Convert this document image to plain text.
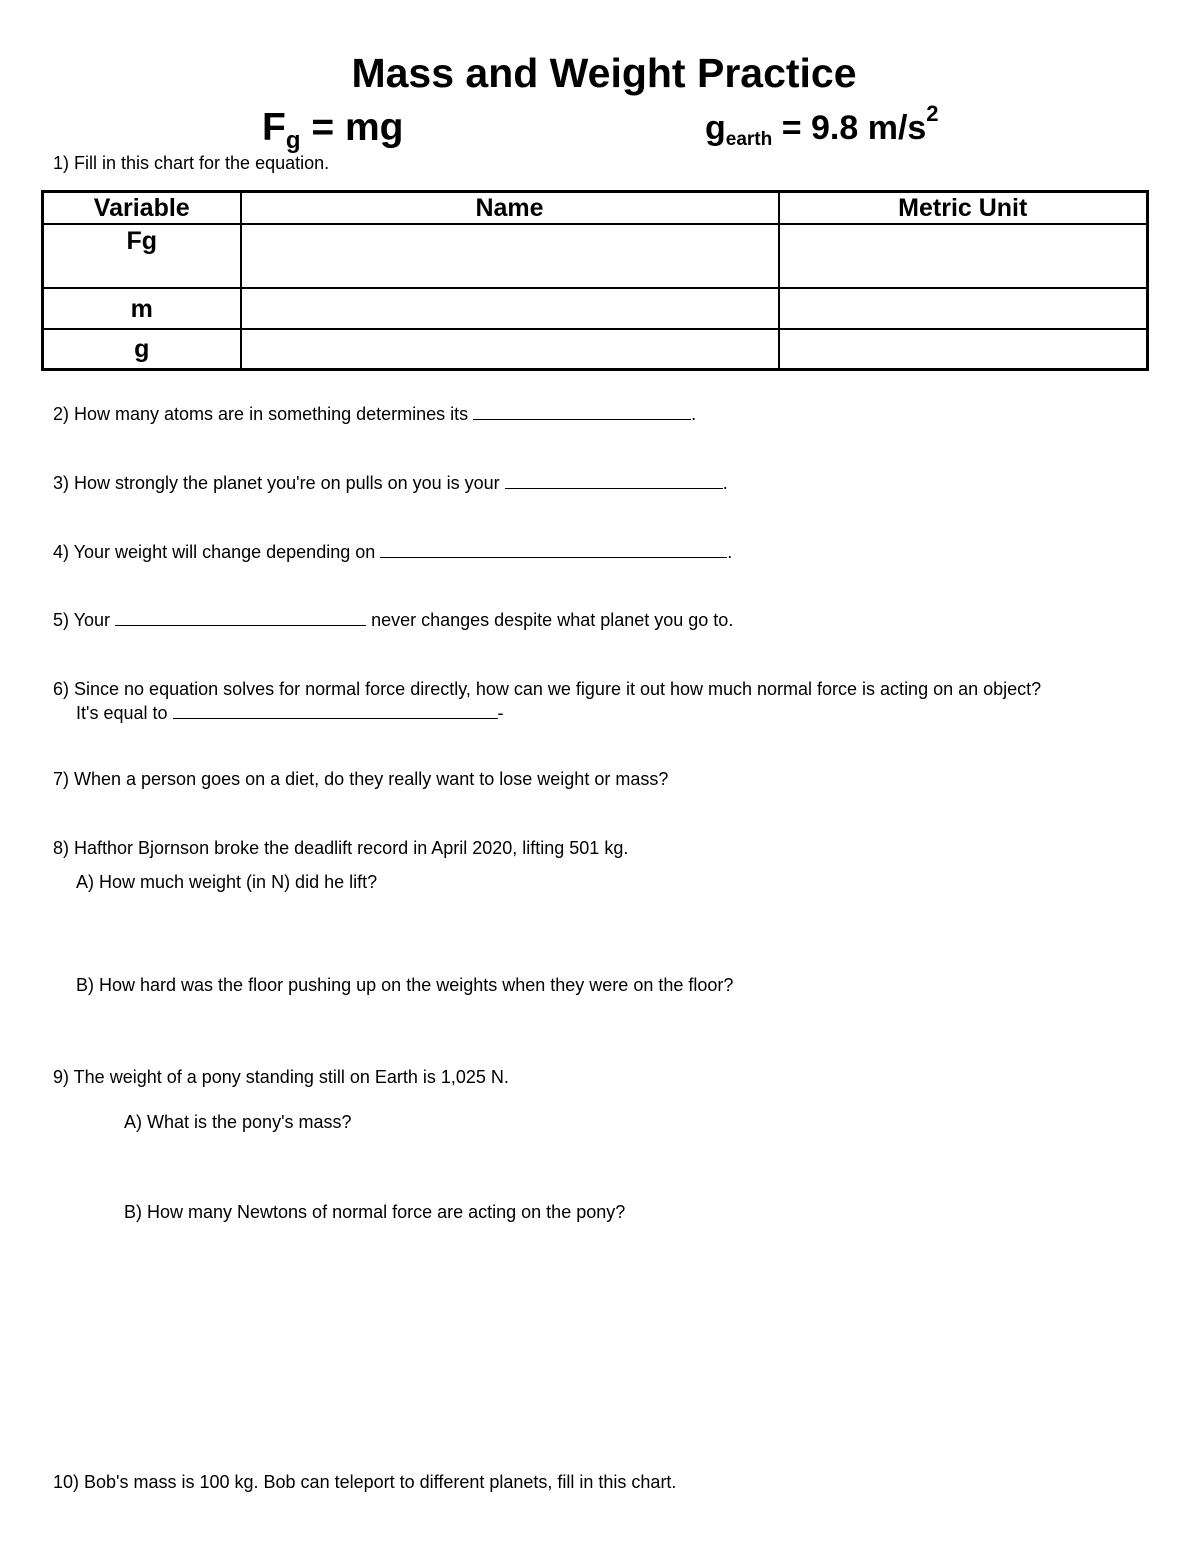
Mass and Weight Practice
$F_g$ = mg	$g_{earth} = 9.8$ $m/s^2$
1) Fill in this chart for the equation.
Variable	Name	Metric Unit
Fg		
m		
g		
2) How many atoms are in something determines its	.
3) How strongly the planet you're on pulls on you is your	.
4) Your weight will change depending on	.
5) Your	never changes despite what planet you go to.
6) Since no equation solves for normal force directly, how can we figure it out how much normal force is acting on an object?
It's equal to	-
7) When a person goes on a diet, do they really want to lose weight or mass?
8) Hafthor Bjornson broke the deadlift record in April 2020, lifting 501 kg.
A) How much weight (in N) did he lift?
B) How hard was the floor pushing up on the weights when they were on the floor?
9) The weight of a pony standing still on Earth is 1,025 N.
A) What is the pony's mass?
B) How many Newtons of normal force are acting on the pony?
10) Bob's mass is 100 kg. Bob can teleport to different planets, fill in this chart.
